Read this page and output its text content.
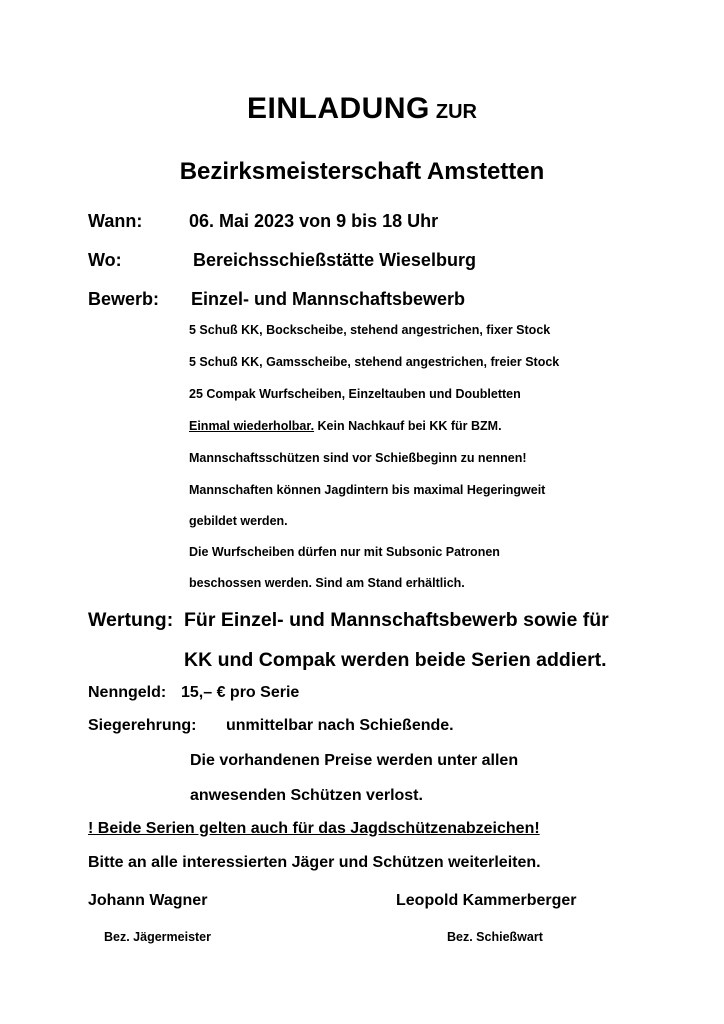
EINLADUNG ZUR
Bezirksmeisterschaft Amstetten
Wann:	06. Mai 2023 von 9 bis 18 Uhr
Wo:	Bereichsschießstätte Wieselburg
Bewerb: Einzel- und Mannschaftsbewerb
5 Schuß KK, Bockscheibe, stehend angestrichen, fixer Stock
5 Schuß KK, Gamsscheibe, stehend angestrichen, freier Stock
25 Compak Wurfscheiben, Einzeltauben und Doubletten
Einmal wiederholbar. Kein Nachkauf bei KK für BZM.
Mannschaftsschützen sind vor Schießbeginn zu nennen!
Mannschaften können Jagdintern bis maximal Hegeringweit
gebildet werden.
Die Wurfscheiben dürfen nur mit Subsonic Patronen
beschossen werden. Sind am Stand erhältlich.
Wertung: Für Einzel- und Mannschaftsbewerb sowie für
KK und Compak werden beide Serien addiert.
Nenngeld: 15,– € pro Serie
Siegerehrung: unmittelbar nach Schießende.
Die vorhandenen Preise werden unter allen
anwesenden Schützen verlost.
! Beide Serien gelten auch für das Jagdschützenabzeichen!
Bitte an alle interessierten Jäger und Schützen weiterleiten.
Johann Wagner	Leopold Kammerberger
Bez. Jägermeister	Bez. Schießwart
